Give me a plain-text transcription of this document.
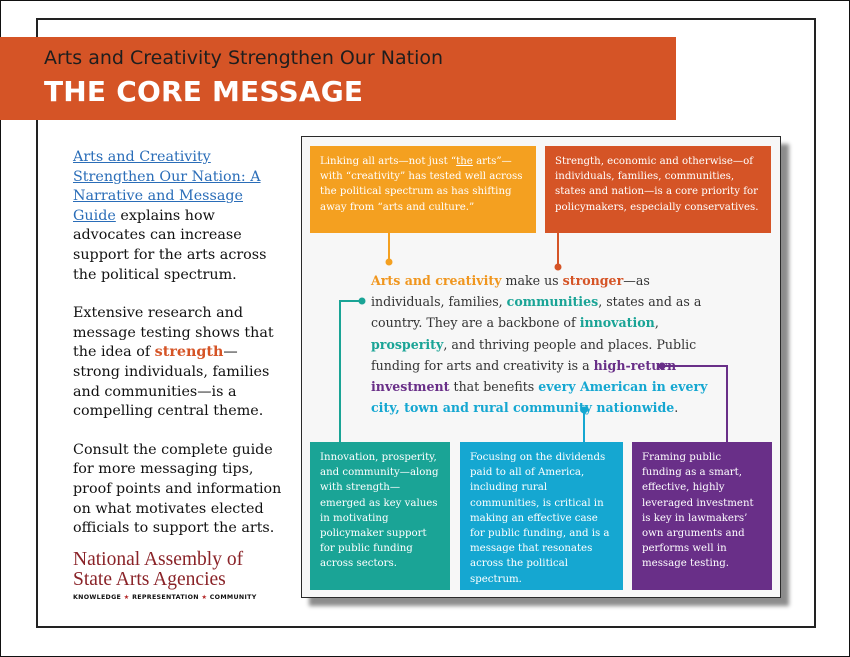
Arts and Creativity Strengthen Our Nation
THE CORE MESSAGE

Arts and Creativity Strengthen Our Nation: A Narrative and Message Guide explains how advocates can increase support for the arts across the political spectrum.

Extensive research and message testing shows that the idea of strength—strong individuals, families and communities—is a compelling central theme.

Consult the complete guide for more messaging tips, proof points and information on what motivates elected officials to support the arts.

National Assembly of
State Arts Agencies
KNOWLEDGE ★ REPRESENTATION ★ COMMUNITY
Linking all arts—not just “the arts”—with “creativity” has tested well across the political spectrum as has shifting away from “arts and culture.”
Strength, economic and otherwise—of individuals, families, communities, states and nation—is a core priority for policymakers, especially conservatives.
Arts and creativity make us stronger—as individuals, families, communities, states and as a country. They are a backbone of innovation, prosperity, and thriving people and places. Public funding for arts and creativity is a high-return investment that benefits every American in every city, town and rural community nationwide.
Innovation, prosperity, and community—along with strength—emerged as key values in motivating policymaker support for public funding across sectors.
Focusing on the dividends paid to all of America, including rural communities, is critical in making an effective case for public funding, and is a message that resonates across the political spectrum.
Framing public funding as a smart, effective, highly leveraged investment is key in lawmakers’ own arguments and performs well in message testing.
